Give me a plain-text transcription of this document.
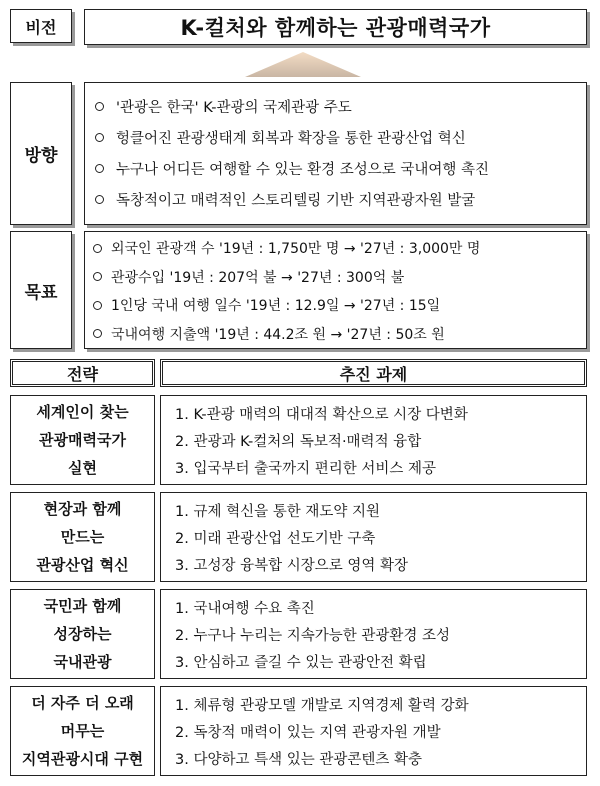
비전	K-컬처와 함께하는 관광매력국가
방향
'관광은 한국' K-관광의 국제관광 주도
헝클어진 관광생태계 회복과 확장을 통한 관광산업 혁신
누구나 어디든 여행할 수 있는 환경 조성으로 국내여행 촉진
독창적이고 매력적인 스토리텔링 기반 지역관광자원 발굴
목표
외국인 관광객 수 '19년 : 1,750만 명 → '27년 : 3,000만 명
관광수입 '19년 : 207억 불 → '27년 : 300억 불
1인당 국내 여행 일수 '19년 : 12.9일 → '27년 : 15일
국내여행 지출액 '19년 : 44.2조 원 → '27년 : 50조 원
전략	추진 과제
세계인이 찾는
관광매력국가
실현
1. K-관광 매력의 대대적 확산으로 시장 다변화
2. 관광과 K-컬처의 독보적·매력적 융합
3. 입국부터 출국까지 편리한 서비스 제공
현장과 함께
만드는
관광산업 혁신
1. 규제 혁신을 통한 재도약 지원
2. 미래 관광산업 선도기반 구축
3. 고성장 융복합 시장으로 영역 확장
국민과 함께
성장하는
국내관광
1. 국내여행 수요 촉진
2. 누구나 누리는 지속가능한 관광환경 조성
3. 안심하고 즐길 수 있는 관광안전 확립
더 자주 더 오래
머무는
지역관광시대 구현
1. 체류형 관광모델 개발로 지역경제 활력 강화
2. 독창적 매력이 있는 지역 관광자원 개발
3. 다양하고 특색 있는 관광콘텐츠 확충
